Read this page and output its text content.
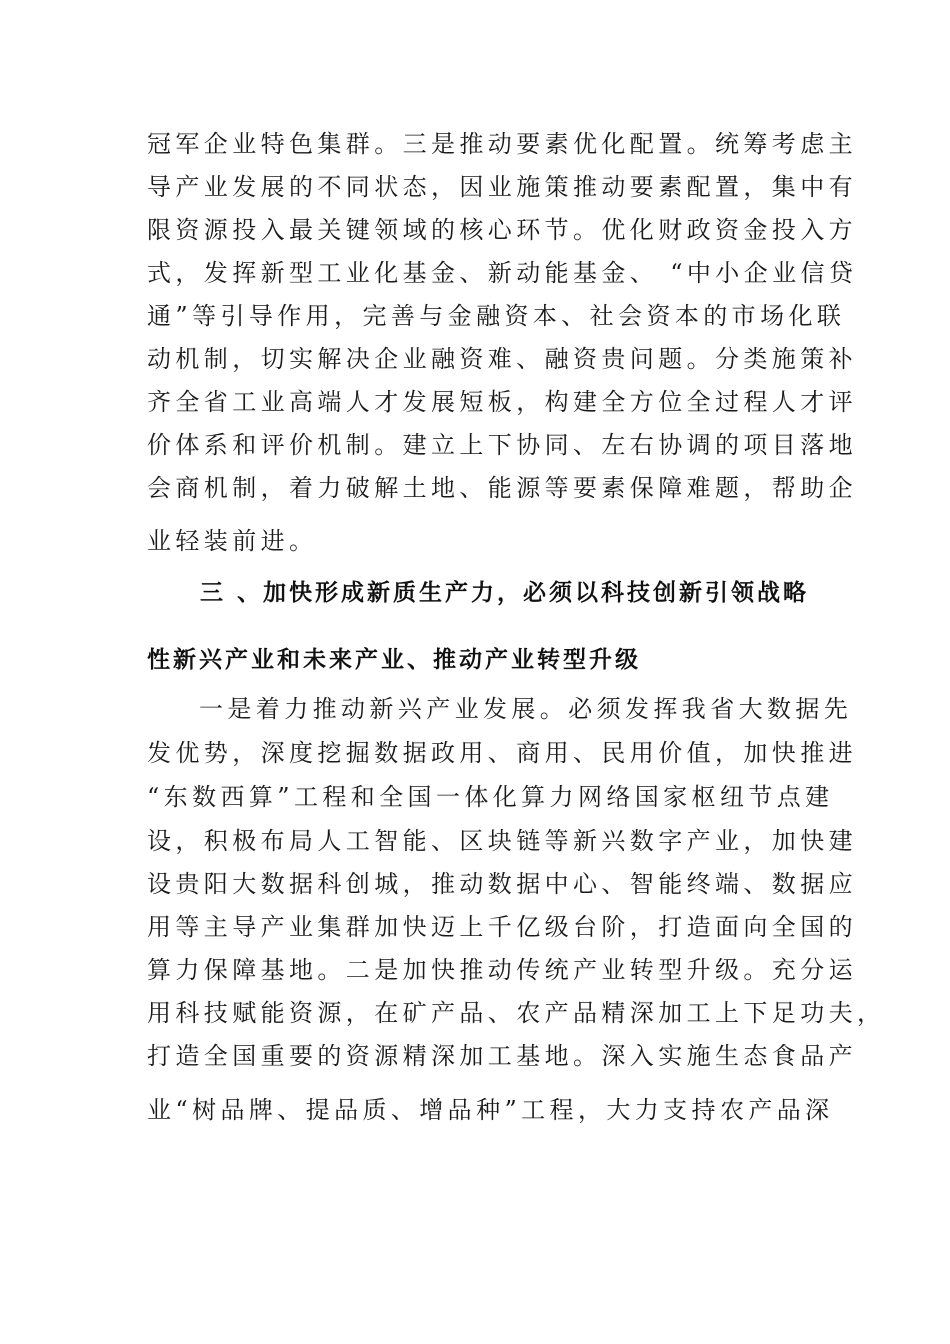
冠军企业特色集群。三是推动要素优化配置。统筹考虑主
导产业发展的不同状态，因业施策推动要素配置，集中有
限资源投入最关键领域的核心环节。优化财政资金投入方
式，发挥新型工业化基金、新动能基金、 “中小企业信贷
通”等引导作用，完善与金融资本、社会资本的市场化联
动机制，切实解决企业融资难、融资贵问题。分类施策补
齐全省工业高端人才发展短板，构建全方位全过程人才评
价体系和评价机制。建立上下协同、左右协调的项目落地
会商机制，着力破解土地、能源等要素保障难题，帮助企
业轻装前进。
三 、加快形成新质生产力，必须以科技创新引领战略
性新兴产业和未来产业、推动产业转型升级
一是着力推动新兴产业发展。必须发挥我省大数据先
发优势，深度挖掘数据政用、商用、民用价值，加快推进
“东数西算”工程和全国一体化算力网络国家枢纽节点建
设，积极布局人工智能、区块链等新兴数字产业，加快建
设贵阳大数据科创城，推动数据中心、智能终端、数据应
用等主导产业集群加快迈上千亿级台阶，打造面向全国的
算力保障基地。二是加快推动传统产业转型升级。充分运
用科技赋能资源，在矿产品、农产品精深加工上下足功夫，
打造全国重要的资源精深加工基地。深入实施生态食品产
业“树品牌、提品质、增品种”工程，大力支持农产品深
